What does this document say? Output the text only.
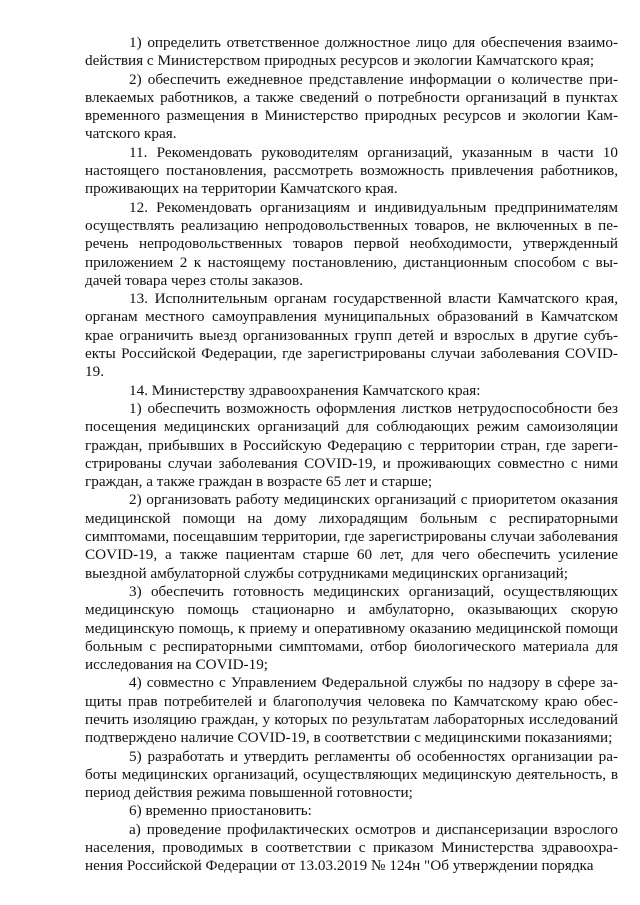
1) определить ответственное должностное лицо для обеспечения взаимоdействия с Министерством природных ресурсов и экологии Камчатского края;

2) обеспечить ежедневное представление информации о количестве привлекаемых работников, а также сведений о потребности организаций в пунктах временного размещения в Министерство природных ресурсов и экологии Камчатского края.

11. Рекомендовать руководителям организаций, указанным в части 10 настоящего постановления, рассмотреть возможность привлечения работников, проживающих на территории Камчатского края.

12. Рекомендовать организациям и индивидуальным предпринимателям осуществлять реализацию непродовольственных товаров, не включенных в перечень непродовольственных товаров первой необходимости, утвержденный приложением 2 к настоящему постановлению, дистанционным способом с выдачей товара через столы заказов.

13. Исполнительным органам государственной власти Камчатского края, органам местного самоуправления муниципальных образований в Камчатском крае ограничить выезд организованных групп детей и взрослых в другие субъекты Российской Федерации, где зарегистрированы случаи заболевания COVID-19.

14. Министерству здравоохранения Камчатского края:

1) обеспечить возможность оформления листков нетрудоспособности без посещения медицинских организаций для соблюдающих режим самоизоляции граждан, прибывших в Российскую Федерацию с территории стран, где зарегистрированы случаи заболевания COVID-19, и проживающих совместно с ними граждан, а также граждан в возрасте 65 лет и старше;

2) организовать работу медицинских организаций с приоритетом оказания медицинской помощи на дому лихорадящим больным с респираторными симптомами, посещавшим территории, где зарегистрированы случаи заболевания COVID-19, а также пациентам старше 60 лет, для чего обеспечить усиление выездной амбулаторной службы сотрудниками медицинских организаций;

3) обеспечить готовность медицинских организаций, осуществляющих медицинскую помощь стационарно и амбулаторно, оказывающих скорую медицинскую помощь, к приему и оперативному оказанию медицинской помощи больным с респираторными симптомами, отбор биологического материала для исследования на COVID-19;

4) совместно с Управлением Федеральной службы по надзору в сфере защиты прав потребителей и благополучия человека по Камчатскому краю обеспечить изоляцию граждан, у которых по результатам лабораторных исследований подтверждено наличие COVID-19, в соответствии с медицинскими показаниями;

5) разработать и утвердить регламенты об особенностях организации работы медицинских организаций, осуществляющих медицинскую деятельность, в период действия режима повышенной готовности;

6) временно приостановить:

а) проведение профилактических осмотров и диспансеризации взрослого населения, проводимых в соответствии с приказом Министерства здравоохранения Российской Федерации от 13.03.2019 № 124н "Об утверждении порядка
